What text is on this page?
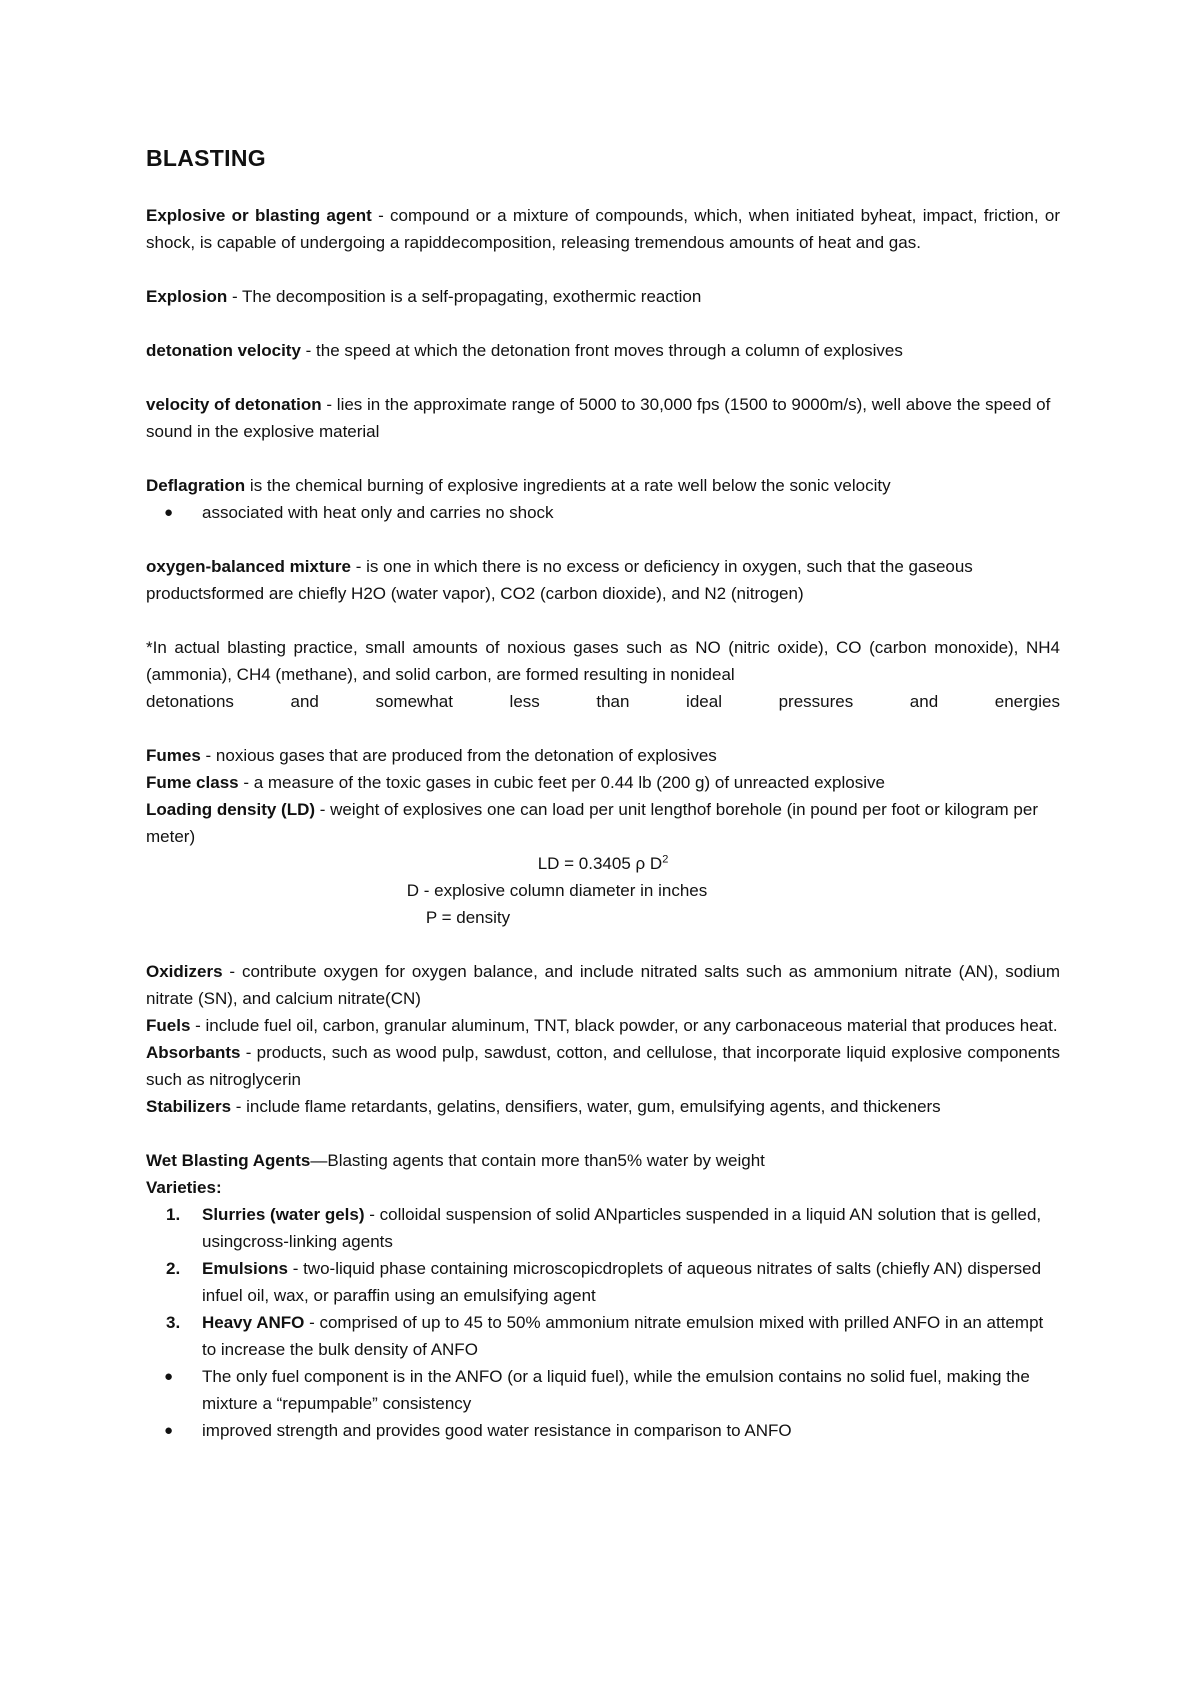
BLASTING

Explosive or blasting agent - compound or a mixture of compounds, which, when initiated byheat, impact, friction, or shock, is capable of undergoing a rapiddecomposition, releasing tremendous amounts of heat and gas.

Explosion - The decomposition is a self-propagating, exothermic reaction

detonation velocity - the speed at which the detonation front moves through a column of explosives

velocity of detonation - lies in the approximate range of 5000 to 30,000 fps (1500 to 9000m/s), well above the speed of sound in the explosive material

Deflagration is the chemical burning of explosive ingredients at a rate well below the sonic velocity

● associated with heat only and carries no shock

oxygen-balanced mixture - is one in which there is no excess or deficiency in oxygen, such that the gaseous productsformed are chiefly H2O (water vapor), CO2 (carbon dioxide), and N2 (nitrogen)

*In actual blasting practice, small amounts of noxious gases such as NO (nitric oxide), CO (carbon monoxide), NH4 (ammonia), CH4 (methane), and solid carbon, are formed resulting in nonideal

detonations and somewhat less than ideal pressures and energies

Fumes - noxious gases that are produced from the detonation of explosives

Fume class - a measure of the toxic gases in cubic feet per 0.44 lb (200 g) of unreacted explosive

Loading density (LD) - weight of explosives one can load per unit lengthof borehole (in pound per foot or kilogram per meter)

LD = 0.3405 ρ $D^2$
D - explosive column diameter in inches
P = density

Oxidizers - contribute oxygen for oxygen balance, and include nitrated salts such as ammonium nitrate (AN), sodium nitrate (SN), and calcium nitrate(CN)

Fuels - include fuel oil, carbon, granular aluminum, TNT, black powder, or any carbonaceous material that produces heat.

Absorbants - products, such as wood pulp, sawdust, cotton, and cellulose, that incorporate liquid explosive components such as nitroglycerin

Stabilizers - include flame retardants, gelatins, densifiers, water, gum, emulsifying agents, and thickeners

Wet Blasting Agents—Blasting agents that contain more than5% water by weight

Varieties:

1. Slurries (water gels) - colloidal suspension of solid ANparticles suspended in a liquid AN solution that is gelled, usingcross-linking agents
2. Emulsions - two-liquid phase containing microscopicdroplets of aqueous nitrates of salts (chiefly AN) dispersed infuel oil, wax, or paraffin using an emulsifying agent
3. Heavy ANFO - comprised of up to 45 to 50% ammonium nitrate emulsion mixed with prilled ANFO in an attempt to increase the bulk density of ANFO
● The only fuel component is in the ANFO (or a liquid fuel), while the emulsion contains no solid fuel, making the mixture a “repumpable” consistency
● improved strength and provides good water resistance in comparison to ANFO
